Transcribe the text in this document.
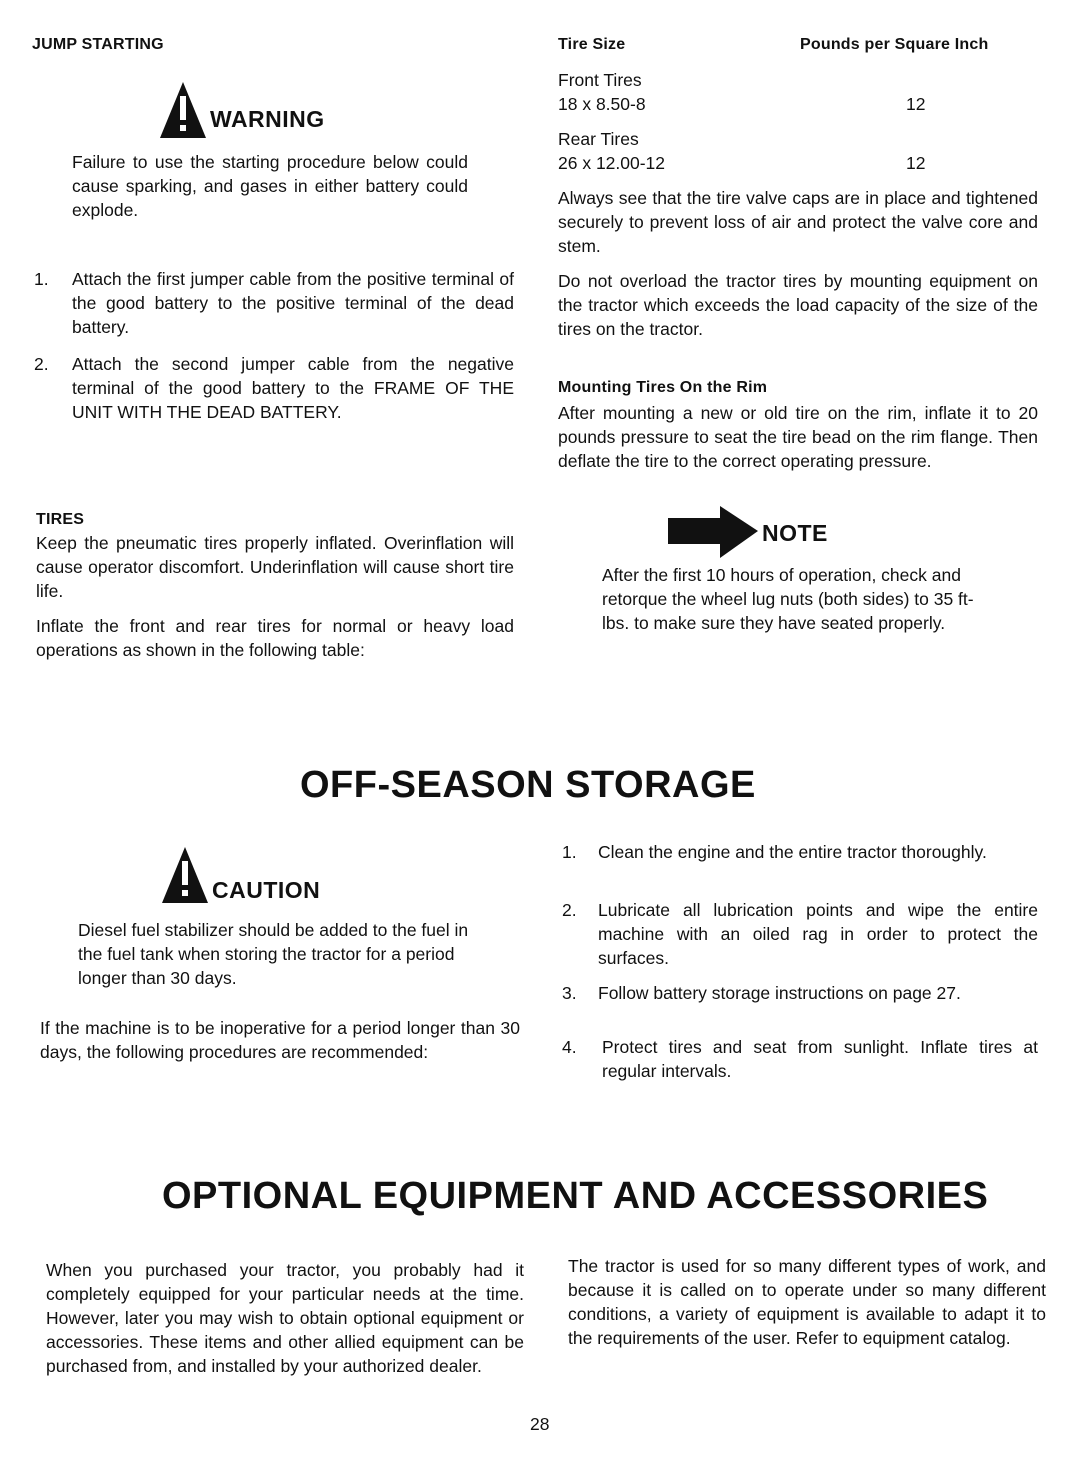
JUMP STARTING
WARNING

Failure to use the starting procedure below could cause sparking, and gases in either battery could explode.

1. Attach the first jumper cable from the positive terminal of the good battery to the positive terminal of the dead battery.
2. Attach the second jumper cable from the negative terminal of the good battery to the FRAME OF THE UNIT WITH THE DEAD BATTERY.
TIRES

Keep the pneumatic tires properly inflated. Overinflation will cause operator discomfort. Underinflation will cause short tire life.

Inflate the front and rear tires for normal or heavy load operations as shown in the following table:

Tire Size	Pounds per Square Inch
Front Tires
18 x 8.50-8	12
Rear Tires
26 x 12.00-12	12

Always see that the tire valve caps are in place and tightened securely to prevent loss of air and protect the valve core and stem.

Do not overload the tractor tires by mounting equipment on the tractor which exceeds the load capacity of the size of the tires on the tractor.

Mounting Tires On the Rim

After mounting a new or old tire on the rim, inflate it to 20 pounds pressure to seat the tire bead on the rim flange. Then deflate the tire to the correct operating pressure.

NOTE

After the first 10 hours of operation, check and retorque the wheel lug nuts (both sides) to 35 ft-lbs. to make sure they have seated properly.

OFF-SEASON STORAGE
CAUTION

Diesel fuel stabilizer should be added to the fuel in the fuel tank when storing the tractor for a period longer than 30 days.

If the machine is to be inoperative for a period longer than 30 days, the following procedures are recommended:

1. Clean the engine and the entire tractor thoroughly.
2. Lubricate all lubrication points and wipe the entire machine with an oiled rag in order to protect the surfaces.
3. Follow battery storage instructions on page 27.
4. Protect tires and seat from sunlight. Inflate tires at regular intervals.
OPTIONAL EQUIPMENT AND ACCESSORIES

When you purchased your tractor, you probably had it completely equipped for your particular needs at the time. However, later you may wish to obtain optional equipment or accessories. These items and other allied equipment can be purchased from, and installed by your authorized dealer.

The tractor is used for so many different types of work, and because it is called on to operate under so many different conditions, a variety of equipment is available to adapt it to the requirements of the user. Refer to equipment catalog.

28
